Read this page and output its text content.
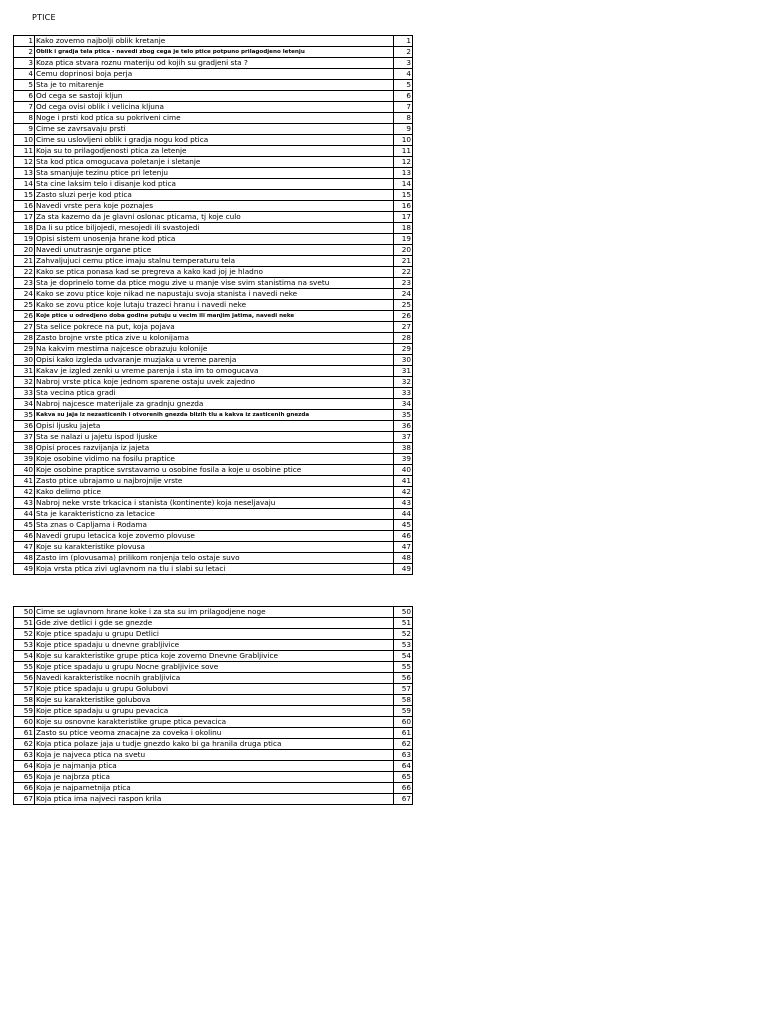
PTICE
1	Kako zovemo najbolji oblik kretanje	1
2	Oblik i gradja tela ptica - navedi zbog cega je telo ptice potpuno prilagodjeno letenju	2
3	Koza ptica stvara roznu materiju od kojih su gradjeni sta ?	3
4	Cemu doprinosi boja perja	4
5	Sta je to mitarenje	5
6	Od cega se sastoji kljun	6
7	Od cega ovisi oblik i velicina kljuna	7
8	Noge i prsti kod ptica su pokriveni cime	8
9	Cime se zavrsavaju prsti	9
10	Cime su uslovljeni oblik i gradja nogu kod ptica	10
11	Koja su to prilagodjenosti ptica za letenje	11
12	Sta kod ptica omogucava poletanje i sletanje	12
13	Sta smanjuje tezinu ptice pri letenju	13
14	Sta cine laksim telo i disanje kod ptica	14
15	Zasto sluzi perje kod ptica	15
16	Navedi vrste pera koje poznajes	16
17	Za sta kazemo da je glavni oslonac pticama, tj koje culo	17
18	Da li su ptice biljojedi, mesojedi ili svastojedi	18
19	Opisi sistem unosenja hrane kod ptica	19
20	Navedi unutrasnje organe ptice	20
21	Zahvaljujuci cemu ptice imaju stalnu temperaturu tela	21
22	Kako se ptica ponasa kad se pregreva a kako kad joj je hladno	22
23	Sta je doprinelo tome da ptice mogu zive u manje vise svim stanistima na svetu	23
24	Kako se zovu ptice koje nikad ne napustaju svoja stanista i navedi neke	24
25	Kako se zovu ptice koje lutaju trazeci hranu i navedi neke	25
26	Koje ptice u odredjeno doba godine putuju u vecim ili manjim jatima, navedi neke	26
27	Sta selice pokrece na put, koja pojava	27
28	Zasto brojne vrste ptica zive u kolonijama	28
29	Na kakvim mestima najcesce obrazuju kolonije	29
30	Opisi kako izgleda udvaranje muzjaka u vreme parenja	30
31	Kakav je izgled zenki u vreme parenja i sta im to omogucava	31
32	Nabroj vrste ptica koje jednom sparene ostaju uvek zajedno	32
33	Sta vecina ptica gradi	33
34	Nabroj najcesce materijale za gradnju gnezda	34
35	Kakva su jaja iz nezasticenih i otvorenih gnezda blizih tlu a kakva iz zasticenih gnezda	35
36	Opisi ljusku jajeta	36
37	Sta se nalazi u jajetu ispod ljuske	37
38	Opisi proces razvijanja iz jajeta	38
39	Koje osobine vidimo na fosilu praptice	39
40	Koje osobine praptice svrstavamo u osobine fosila a koje u osobine ptice	40
41	Zasto ptice ubrajamo u najbrojnije vrste	41
42	Kako delimo ptice	42
43	Nabroj neke vrste trkacica i stanista (kontinente) koja neseljavaju	43
44	Sta je karakteristicno za letacice	44
45	Sta znas o Capljama i Rodama	45
46	Navedi grupu letacica koje zovemo plovuse	46
47	Koje su karakteristike plovusa	47
48	Zasto im (plovusama) prilikom ronjenja telo ostaje suvo	48
49	Koja vrsta ptica zivi uglavnom na tlu i slabi su letaci	49
50	Cime se uglavnom hrane koke i za sta su im prilagodjene noge	50
51	Gde zive detlici i gde se gnezde	51
52	Koje ptice spadaju u grupu Detlici	52
53	Koje ptice spadaju u dnevne grabljivice	53
54	Koje su karakteristike grupe ptica koje zovemo Dnevne Grabljivice	54
55	Koje ptice spadaju u grupu Nocne grabljivice sove	55
56	Navedi karakteristike nocnih grabljivica	56
57	Koje ptice spadaju u grupu Golubovi	57
58	Koje su karakteristike golubova	58
59	Koje ptice spadaju u grupu pevacica	59
60	Koje su osnovne karakteristike grupe ptica pevacica	60
61	Zasto su ptice veoma znacajne za coveka i okolinu	61
62	Koja ptica polaze jaja u tudje gnezdo kako bi ga hranila druga ptica	62
63	Koja je najveca ptica na svetu	63
64	Koja je najmanja ptica	64
65	Koja je najbrza ptica	65
66	Koja je najpametnija ptica	66
67	Koja ptica ima najveci raspon krila	67
